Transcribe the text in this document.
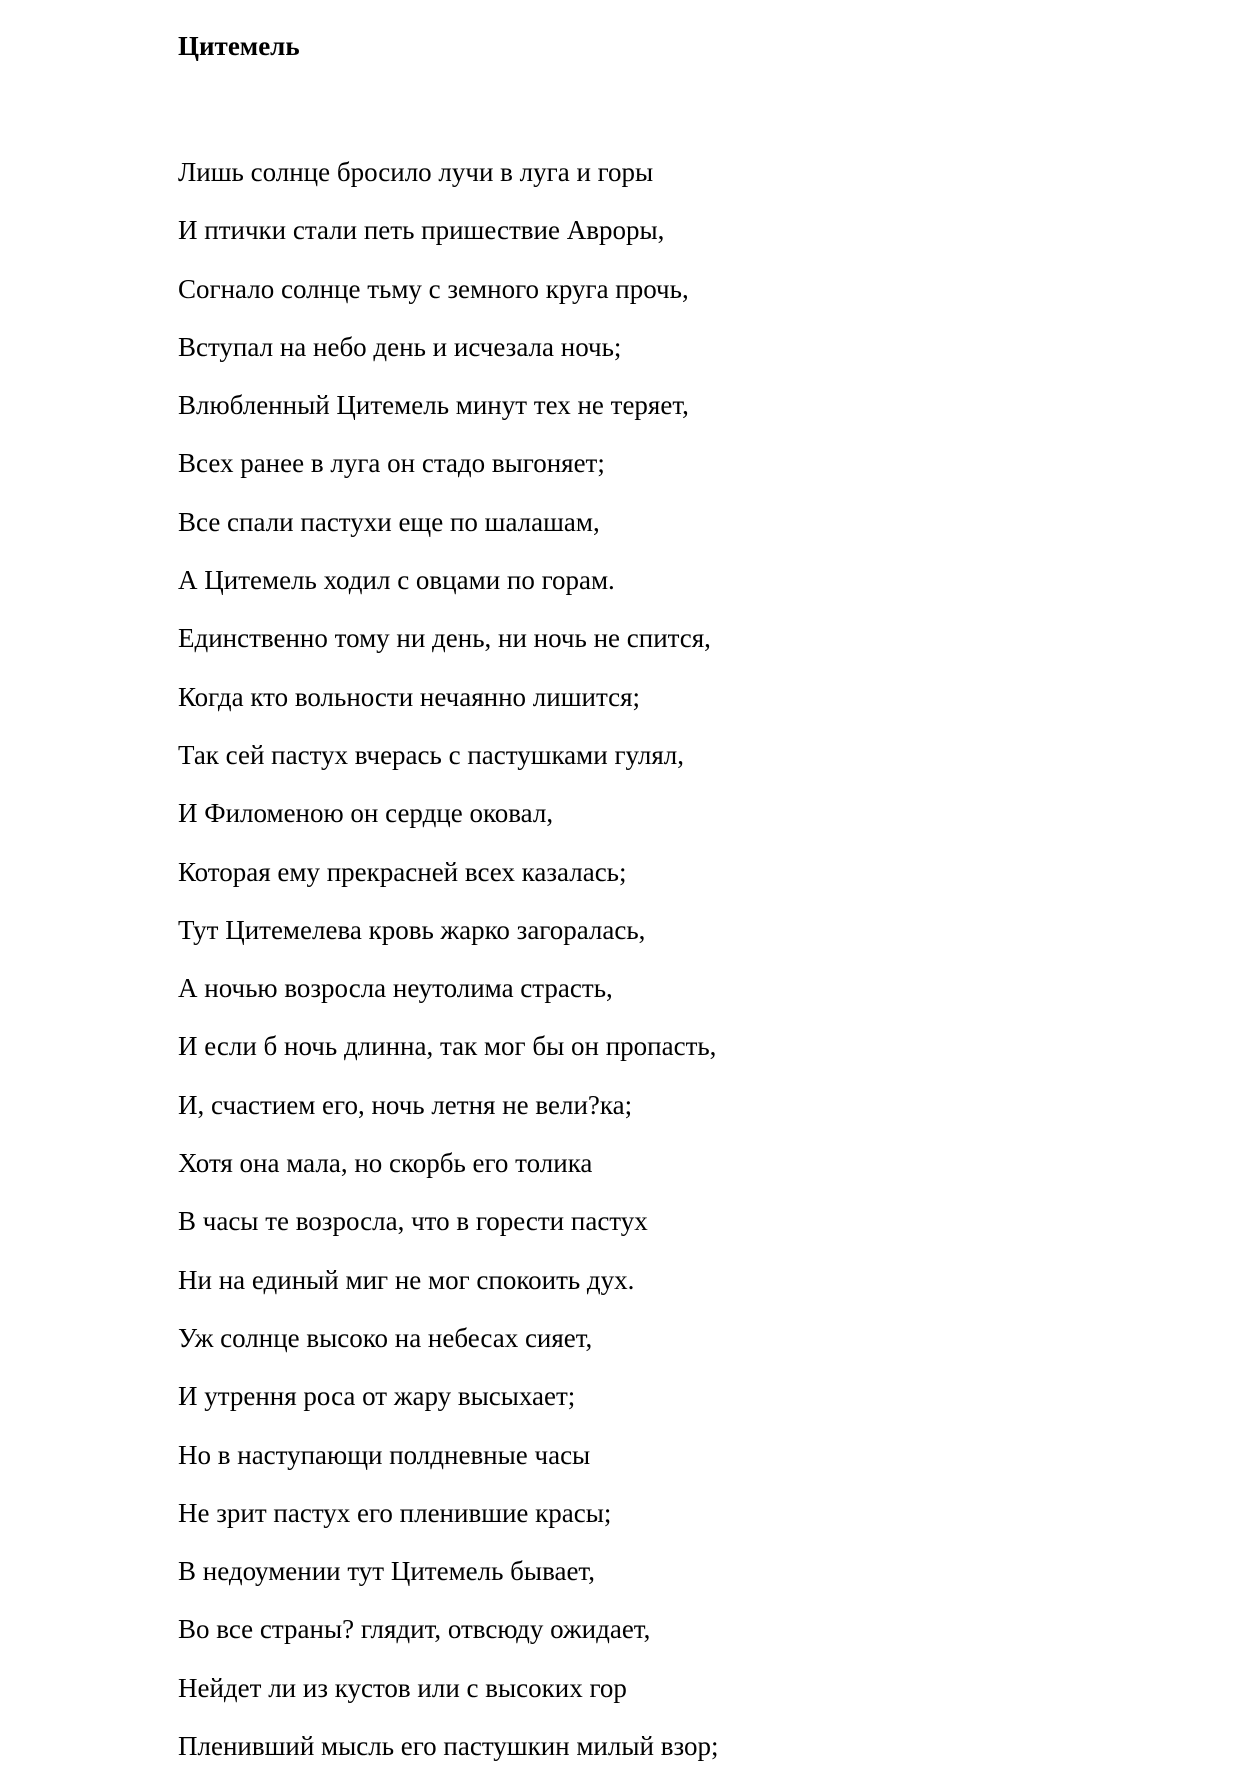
Цитемель
Лишь солнце бросило лучи в луга и горы
И птички стали петь пришествие Авроры,
Согнало солнце тьму с земного круга прочь,
Вступал на небо день и исчезала ночь;
Влюбленный Цитемель минут тех не теряет,
Всех ранее в луга он стадо выгоняет;
Все спали пастухи еще по шалашам,
А Цитемель ходил с овцами по горам.
Единственно тому ни день, ни ночь не спится,
Когда кто вольности нечаянно лишится;
Так сей пастух вчерась с пастушками гулял,
И Филоменою он сердце оковал,
Которая ему прекрасней всех казалась;
Тут Цитемелева кровь жарко загоралась,
А ночью возросла неутолима страсть,
И если б ночь длинна, так мог бы он пропасть,
И, счастием его, ночь летня не вели?ка;
Хотя она мала, но скорбь его толика
В часы те возросла, что в горести пастух
Ни на единый миг не мог спокоить дух.
Уж солнце высоко на небесах сияет,
И утрення роса от жару высыхает;
Но в наступающи полдневные часы
Не зрит пастух его пленившие красы;
В недоумении тут Цитемель бывает,
Во все страны? глядит, отвсюду ожидает,
Нейдет ли из кустов или с высоких гор
Пленивший мысль его пастушкин милый взор;
